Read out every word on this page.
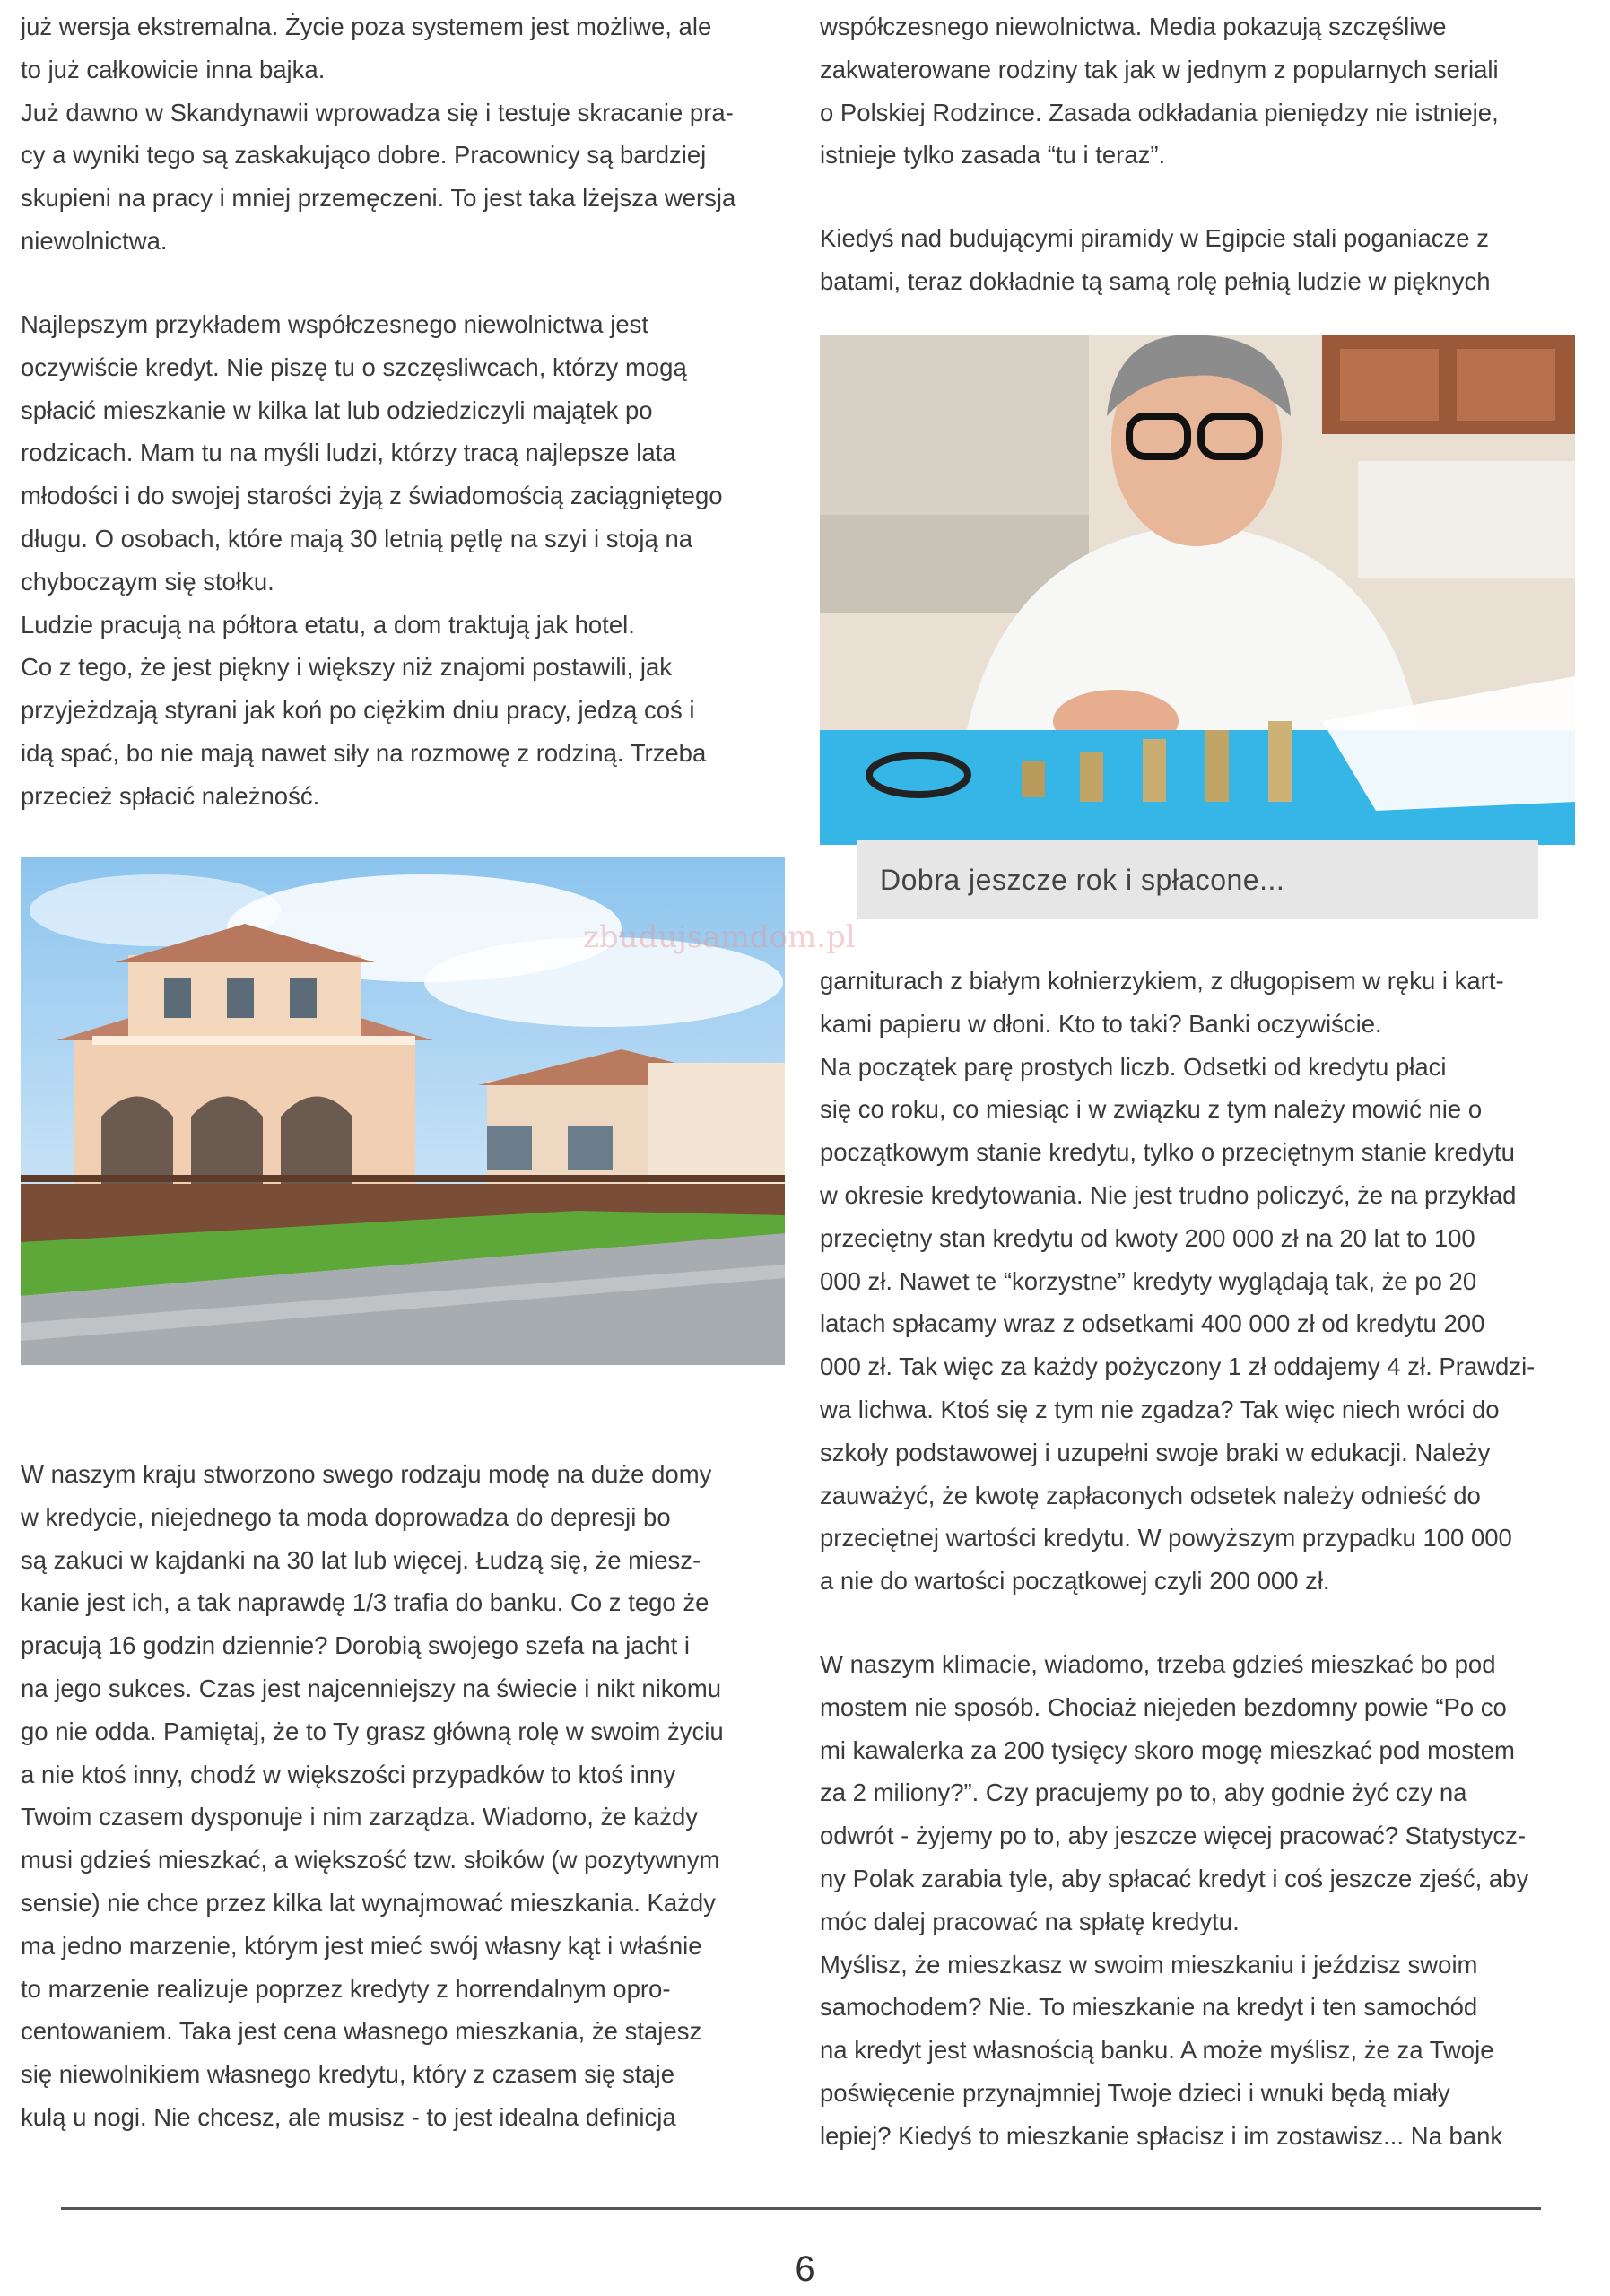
już wersja ekstremalna. Życie poza systemem jest możliwe, ale
to już całkowicie inna bajka.
Już dawno w Skandynawii wprowadza się i testuje skracanie pra-
cy a wyniki tego są zaskakująco dobre. Pracownicy są bardziej
skupieni na pracy i mniej przemęczeni. To jest taka lżejsza wersja
niewolnictwa.

Najlepszym przykładem współczesnego niewolnictwa jest
oczywiście kredyt. Nie piszę tu o szczęsliwcach, którzy mogą
spłacić mieszkanie w kilka lat lub odziedziczyli majątek po
rodzicach. Mam tu na myśli ludzi, którzy tracą najlepsze lata
młodości i do swojej starości żyją z świadomością zaciągniętego
długu. O osobach, które mają 30 letnią pętlę na szyi i stoją na
chybocząym się stołku.
Ludzie pracują na półtora etatu, a dom traktują jak hotel.
Co z tego, że jest piękny i większy niż znajomi postawili, jak
przyjeżdzają styrani jak koń po ciężkim dniu pracy, jedzą coś i
idą spać, bo nie mają nawet siły na rozmowę z rodziną. Trzeba
przecież spłacić należność.

zbudujsamdom.pl

W naszym kraju stworzono swego rodzaju modę na duże domy
w kredycie, niejednego ta moda doprowadza do depresji bo
są zakuci w kajdanki na 30 lat lub więcej. Łudzą się, że miesz-
kanie jest ich, a tak naprawdę 1/3 trafia do banku. Co z tego że
pracują 16 godzin dziennie? Dorobią swojego szefa na jacht i
na jego sukces. Czas jest najcenniejszy na świecie i nikt nikomu
go nie odda. Pamiętaj, że to Ty grasz główną rolę w swoim życiu
a nie ktoś inny, chodź w większości przypadków to ktoś inny
Twoim czasem dysponuje i nim zarządza. Wiadomo, że każdy
musi gdzieś mieszkać, a większość tzw. słoików (w pozytywnym
sensie) nie chce przez kilka lat wynajmować mieszkania. Każdy
ma jedno marzenie, którym jest mieć swój własny kąt i właśnie
to marzenie realizuje poprzez kredyty z horrendalnym opro-
centowaniem. Taka jest cena własnego mieszkania, że stajesz
się niewolnikiem własnego kredytu, który z czasem się staje
kulą u nogi. Nie chcesz, ale musisz - to jest idealna definicja

współczesnego niewolnictwa. Media pokazują szczęśliwe
zakwaterowane rodziny tak jak w jednym z popularnych seriali
o Polskiej Rodzince. Zasada odkładania pieniędzy nie istnieje,
istnieje tylko zasada “tu i teraz”.

Kiedyś nad budującymi piramidy w Egipcie stali poganiacze z
batami, teraz dokładnie tą samą rolę pełnią ludzie w pięknych

Dobra jeszcze rok i spłacone...

garniturach z białym kołnierzykiem, z długopisem w ręku i kart-
kami papieru w dłoni. Kto to taki? Banki oczywiście.
Na początek parę prostych liczb. Odsetki od kredytu płaci
się co roku, co miesiąc i w związku z tym należy mowić nie o
początkowym stanie kredytu, tylko o przeciętnym stanie kredytu
w okresie kredytowania. Nie jest trudno policzyć, że na przykład
przeciętny stan kredytu od kwoty 200 000 zł na 20 lat to 100
000 zł. Nawet te “korzystne” kredyty wyglądają tak, że po 20
latach spłacamy wraz z odsetkami 400 000 zł od kredytu 200
000 zł. Tak więc za każdy pożyczony 1 zł oddajemy 4 zł. Prawdzi-
wa lichwa. Ktoś się z tym nie zgadza? Tak więc niech wróci do
szkoły podstawowej i uzupełni swoje braki w edukacji. Należy
zauważyć, że kwotę zapłaconych odsetek należy odnieść do
przeciętnej wartości kredytu. W powyższym przypadku 100 000
a nie do wartości początkowej czyli 200 000 zł.

W naszym klimacie, wiadomo, trzeba gdzieś mieszkać bo pod
mostem nie sposób. Chociaż niejeden bezdomny powie “Po co
mi kawalerka za 200 tysięcy skoro mogę mieszkać pod mostem
za 2 miliony?”. Czy pracujemy po to, aby godnie żyć czy na
odwrót - żyjemy po to, aby jeszcze więcej pracować? Statystycz-
ny Polak zarabia tyle, aby spłacać kredyt i coś jeszcze zjeść, aby
móc dalej pracować na spłatę kredytu.
Myślisz, że mieszkasz w swoim mieszkaniu i jeździsz swoim
samochodem? Nie. To mieszkanie na kredyt i ten samochód
na kredyt jest własnością banku. A może myślisz, że za Twoje
poświęcenie przynajmniej Twoje dzieci i wnuki będą miały
lepiej? Kiedyś to mieszkanie spłacisz i im zostawisz... Na bank

6
